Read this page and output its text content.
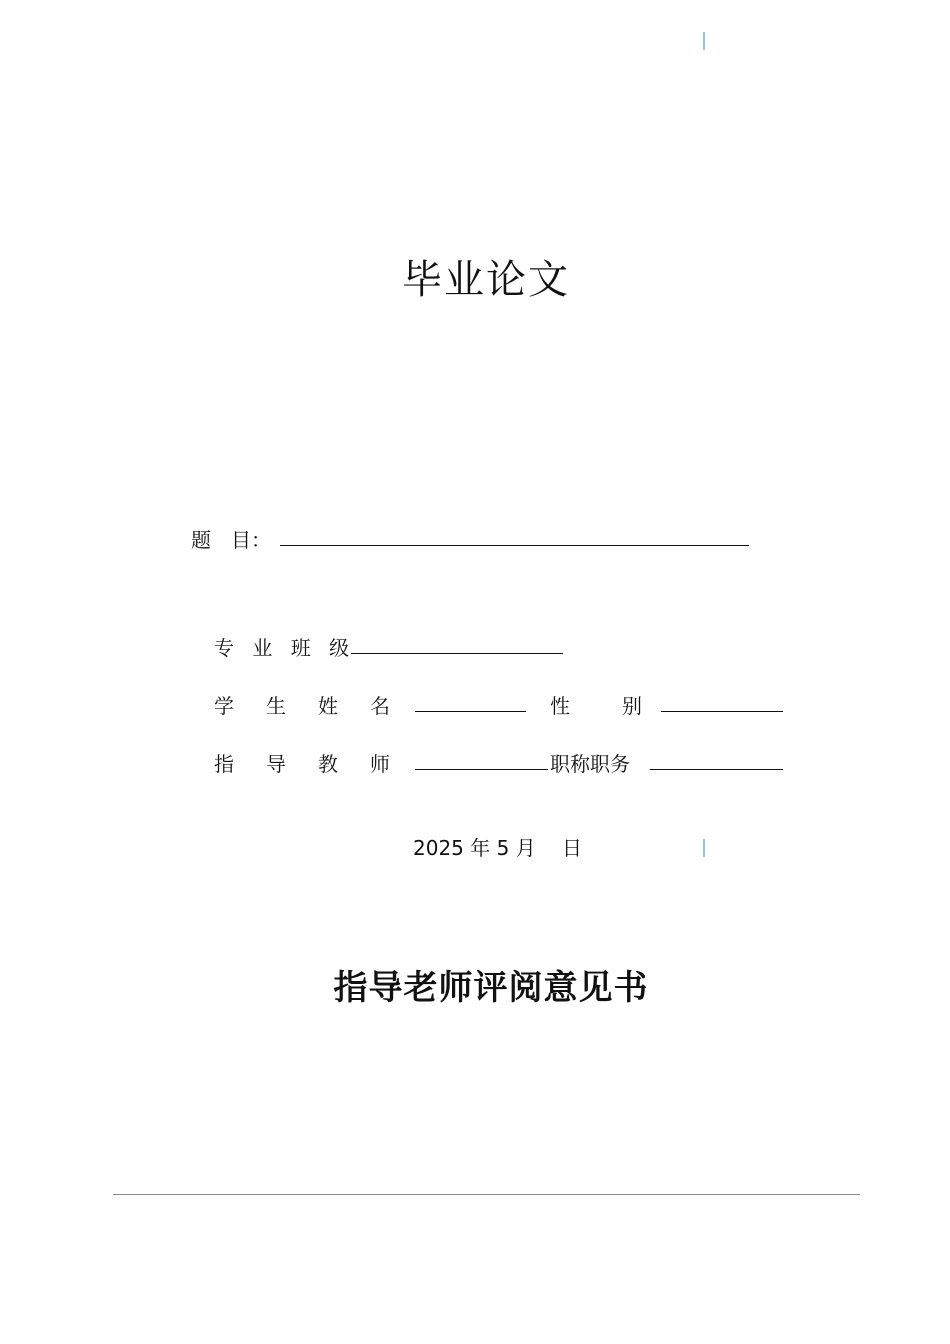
毕业论文
题　目：
专 业 班 级
学　生　姓　名	性　　别
指　导　教　师	职称职务
2025 年 5 月　 日
指导老师评阅意见书
